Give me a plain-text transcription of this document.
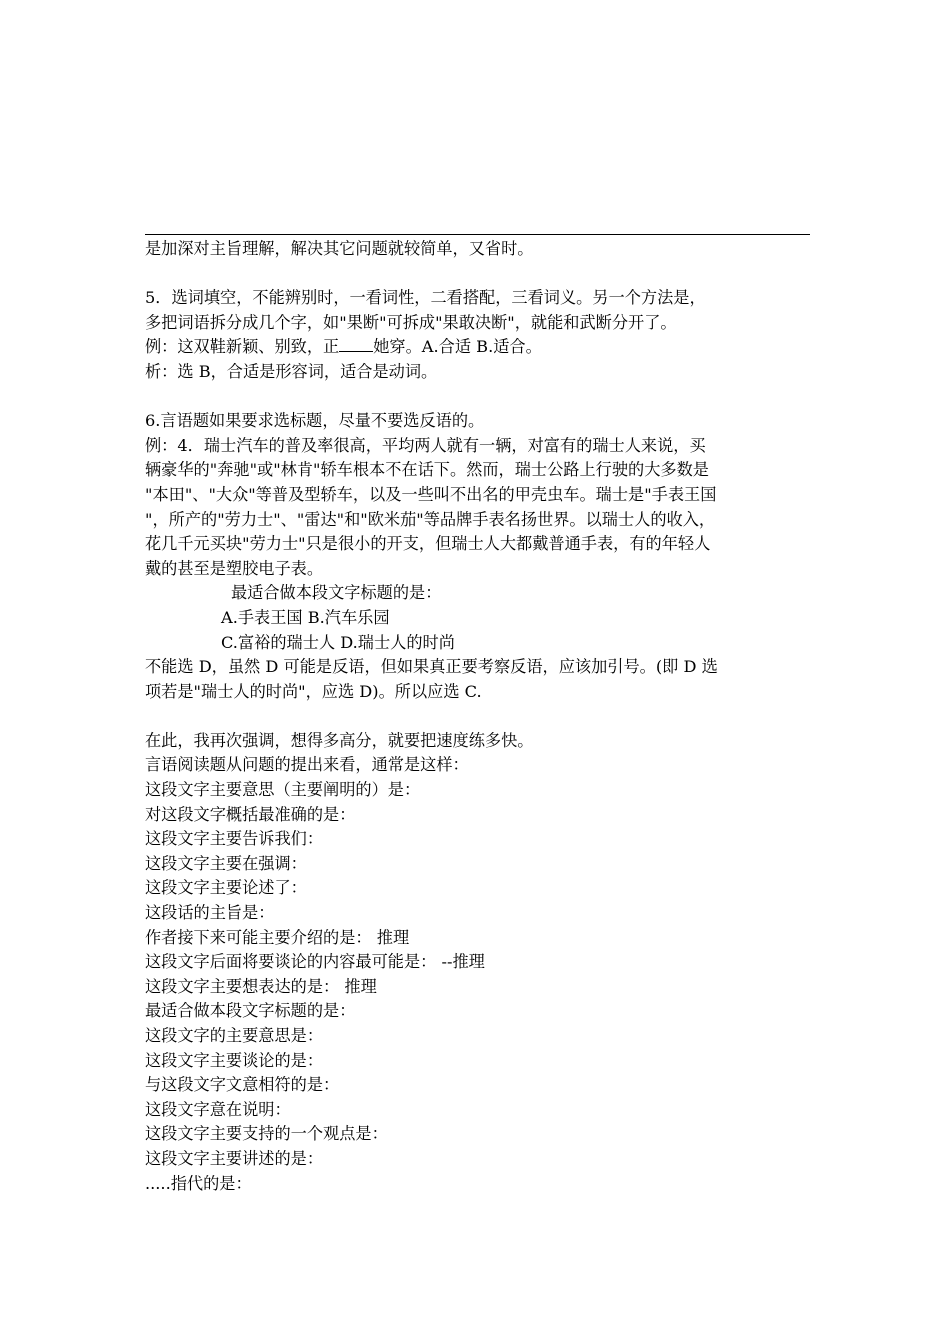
是加深对主旨理解，解决其它问题就较简单，又省时。
5．选词填空，不能辨别时，一看词性，二看搭配，三看词义。另一个方法是，
多把词语拆分成几个字，如"果断"可拆成"果敢决断"，就能和武断分开了。
例：这双鞋新颖、别致，正 她穿。A.合适 B.适合。
析：选 B，合适是形容词，适合是动词。
6.言语题如果要求选标题，尽量不要选反语的。
例：4．瑞士汽车的普及率很高，平均两人就有一辆，对富有的瑞士人来说，买
辆豪华的"奔驰"或"林肯"轿车根本不在话下。然而，瑞士公路上行驶的大多数是
"本田"、"大众"等普及型轿车，以及一些叫不出名的甲壳虫车。瑞士是"手表王国
"，所产的"劳力士"、"雷达"和"欧米茄"等品牌手表名扬世界。以瑞士人的收入，
花几千元买块"劳力士"只是很小的开支，但瑞士人大都戴普通手表，有的年轻人
戴的甚至是塑胶电子表。
最适合做本段文字标题的是：
A.手表王国 B.汽车乐园
C.富裕的瑞士人 D.瑞士人的时尚
不能选 D，虽然 D 可能是反语，但如果真正要考察反语，应该加引号。(即 D 选
项若是"瑞士人的时尚"，应选 D)。所以应选 C.
在此，我再次强调，想得多高分，就要把速度练多快。
言语阅读题从问题的提出来看，通常是这样：
这段文字主要意思（主要阐明的）是：
对这段文字概括最准确的是：
这段文字主要告诉我们：
这段文字主要在强调：
这段文字主要论述了：
这段话的主旨是：
作者接下来可能主要介绍的是： 推理
这段文字后面将要谈论的内容最可能是： --推理
这段文字主要想表达的是： 推理
最适合做本段文字标题的是：
这段文字的主要意思是：
这段文字主要谈论的是：
与这段文字文意相符的是：
这段文字意在说明：
这段文字主要支持的一个观点是：
这段文字主要讲述的是：
.....指代的是：
